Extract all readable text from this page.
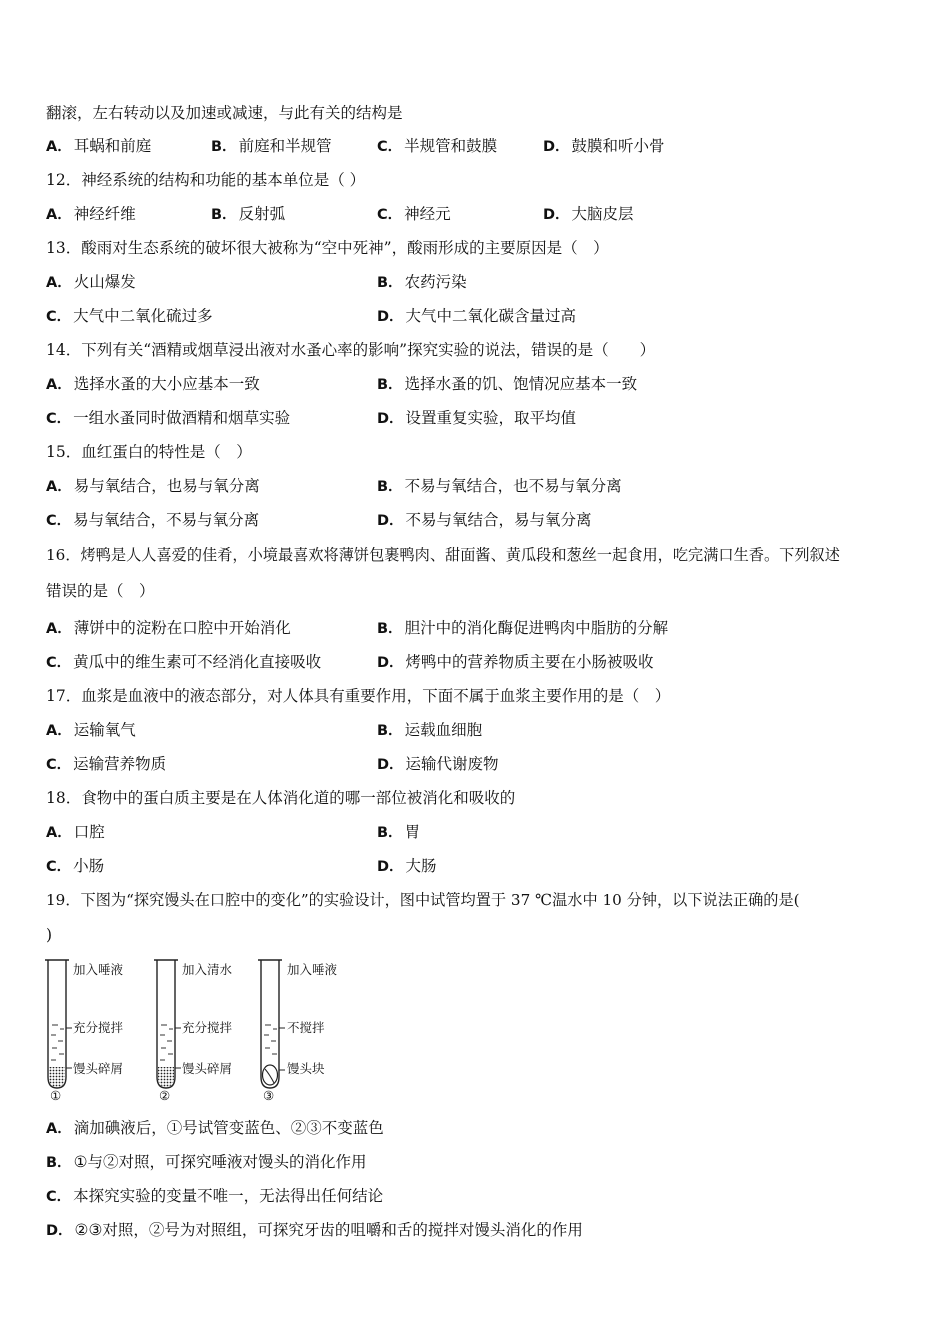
翻滚，左右转动以及加速或减速，与此有关的结构是
A． 耳蜗和前庭	B． 前庭和半规管	C． 半规管和鼓膜	D． 鼓膜和听小骨
12．神经系统的结构和功能的基本单位是（ ）
A． 神经纤维	B． 反射弧	C． 神经元	D． 大脑皮层
13．酸雨对生态系统的破坏很大被称为“空中死神”，酸雨形成的主要原因是（　）
A． 火山爆发	B． 农药污染
C． 大气中二氧化硫过多	D． 大气中二氧化碳含量过高
14．下列有关“酒精或烟草浸出液对水蚤心率的影响”探究实验的说法，错误的是（　　）
A． 选择水蚤的大小应基本一致	B． 选择水蚤的饥、饱情况应基本一致
C． 一组水蚤同时做酒精和烟草实验	D． 设置重复实验，取平均值
15．血红蛋白的特性是（　）
A． 易与氧结合，也易与氧分离	B． 不易与氧结合，也不易与氧分离
C． 易与氧结合，不易与氧分离	D． 不易与氧结合，易与氧分离
16．烤鸭是人人喜爱的佳肴，小境最喜欢将薄饼包裹鸭肉、甜面酱、黄瓜段和葱丝一起食用，吃完满口生香。下列叙述
错误的是（　）
A． 薄饼中的淀粉在口腔中开始消化	B． 胆汁中的消化酶促进鸭肉中脂肪的分解
C． 黄瓜中的维生素可不经消化直接吸收	D． 烤鸭中的营养物质主要在小肠被吸收
17．血浆是血液中的液态部分，对人体具有重要作用，下面不属于血浆主要作用的是（　）
A． 运输氧气	B． 运载血细胞
C． 运输营养物质	D． 运输代谢废物
18．食物中的蛋白质主要是在人体消化道的哪一部位被消化和吸收的
A． 口腔	B． 胃
C． 小肠	D． 大肠
19．下图为“探究馒头在口腔中的变化”的实验设计，图中试管均置于 37 ℃温水中 10 分钟，以下说法正确的是(
)
加入唾液
充分搅拌
馒头碎屑
①
加入清水
充分搅拌
馒头碎屑
②
加入唾液
不搅拌
馒头块
③
A． 滴加碘液后，①号试管变蓝色、②③不变蓝色
B． ①与②对照，可探究唾液对馒头的消化作用
C． 本探究实验的变量不唯一，无法得出任何结论
D． ②③对照，②号为对照组，可探究牙齿的咀嚼和舌的搅拌对馒头消化的作用
